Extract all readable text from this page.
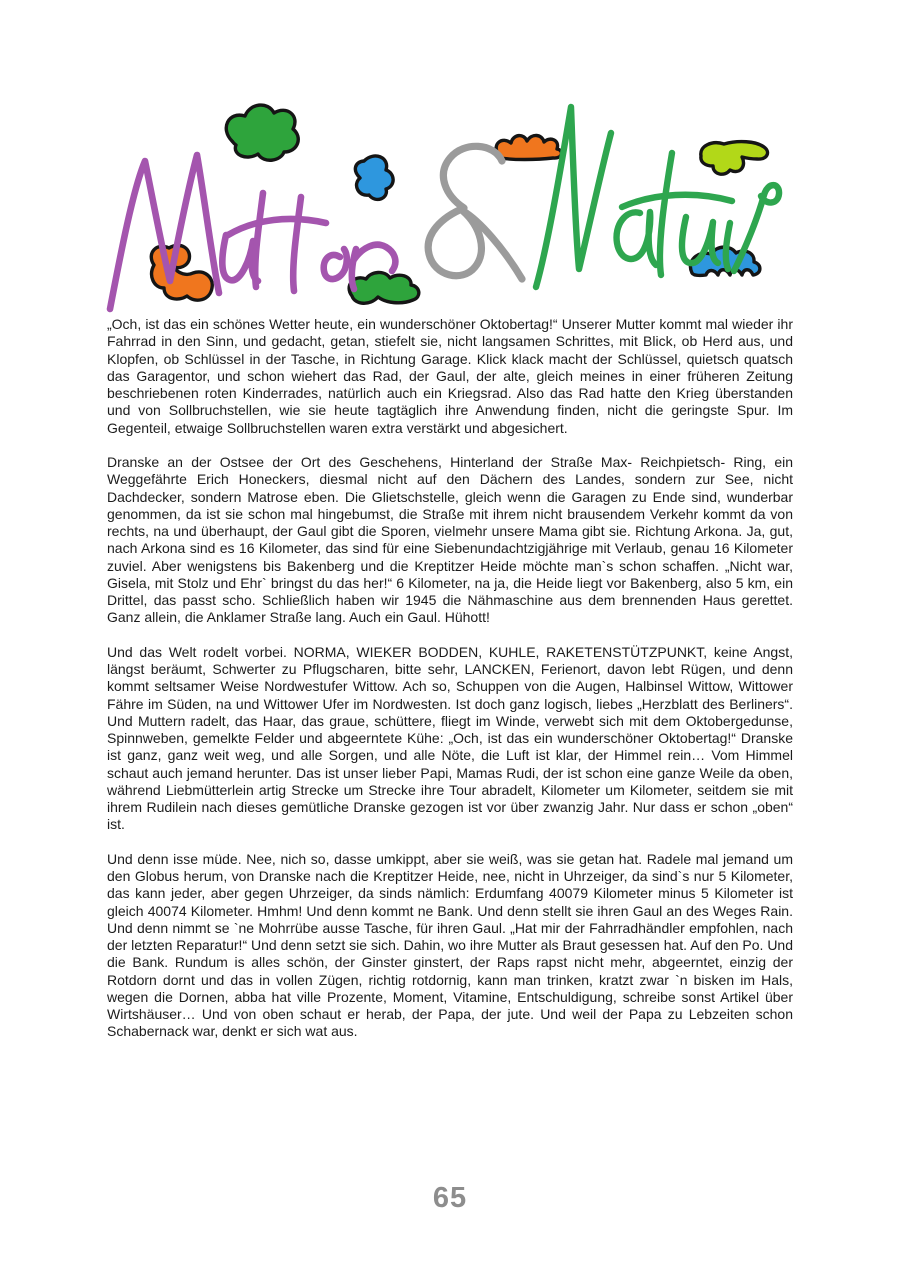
„Och, ist das ein schönes Wetter heute, ein wunderschöner Oktobertag!“ Unserer Mutter kommt mal wieder ihr Fahrrad in den Sinn, und gedacht, getan, stiefelt sie, nicht langsamen Schrittes, mit Blick, ob Herd aus, und Klopfen, ob Schlüssel in der Tasche, in Richtung Garage. Klick klack macht der Schlüssel, quietsch quatsch das Garagentor, und schon wiehert das Rad, der Gaul, der alte, gleich meines in einer früheren Zeitung beschriebenen roten Kinderrades, natürlich auch ein Kriegsrad. Also das Rad hatte den Krieg überstanden und von Sollbruchstellen, wie sie heute tagtäglich ihre Anwendung finden, nicht die geringste Spur. Im Gegenteil, etwaige Sollbruchstellen waren extra verstärkt und abgesichert.

Dranske an der Ostsee der Ort des Geschehens, Hinterland der Straße Max- Reichpietsch- Ring, ein Weggefährte Erich Honeckers, diesmal nicht auf den Dächern des Landes, sondern zur See, nicht Dachdecker, sondern Matrose eben. Die Glietschstelle, gleich wenn die Garagen zu Ende sind, wunderbar genommen, da ist sie schon mal hingebumst, die Straße mit ihrem nicht brausendem Verkehr kommt da von rechts, na und überhaupt, der Gaul gibt die Sporen, vielmehr unsere Mama gibt sie. Richtung Arkona. Ja, gut, nach Arkona sind es 16 Kilometer, das sind für eine Siebenundachtzigjährige mit Verlaub, genau 16 Kilometer zuviel. Aber wenigstens bis Bakenberg und die Kreptitzer Heide möchte man`s schon schaffen. „Nicht war, Gisela, mit Stolz und Ehr` bringst du das her!“ 6 Kilometer, na ja, die Heide liegt vor Bakenberg, also 5 km, ein Drittel, das passt scho. Schließlich haben wir 1945 die Nähmaschine aus dem brennenden Haus gerettet. Ganz allein, die Anklamer Straße lang. Auch ein Gaul. Hühott!

Und das Welt rodelt vorbei. NORMA, WIEKER BODDEN, KUHLE, RAKETENSTÜTZPUNKT, keine Angst, längst beräumt, Schwerter zu Pflugscharen, bitte sehr, LANCKEN, Ferienort, davon lebt Rügen, und denn kommt seltsamer Weise Nordwestufer Wittow. Ach so, Schuppen von die Augen, Halbinsel Wittow, Wittower Fähre im Süden, na und Wittower Ufer im Nordwesten. Ist doch ganz logisch, liebes „Herzblatt des Berliners“. Und Muttern radelt, das Haar, das graue, schüttere, fliegt im Winde, verwebt sich mit dem Oktobergedunse, Spinnweben, gemelkte Felder und abgeerntete Kühe: „Och, ist das ein wunderschöner Oktobertag!“ Dranske ist ganz, ganz weit weg, und alle Sorgen, und alle Nöte, die Luft ist klar, der Himmel rein… Vom Himmel schaut auch jemand herunter. Das ist unser lieber Papi, Mamas Rudi, der ist schon eine ganze Weile da oben, während Liebmütterlein artig Strecke um Strecke ihre Tour abradelt, Kilometer um Kilometer, seitdem sie mit ihrem Rudilein nach dieses gemütliche Dranske gezogen ist vor über zwanzig Jahr. Nur dass er schon „oben“ ist.

Und denn isse müde. Nee, nich so, dasse umkippt, aber sie weiß, was sie getan hat. Radele mal jemand um den Globus herum, von Dranske nach die Kreptitzer Heide, nee, nicht in Uhrzeiger, da sind`s nur 5 Kilometer, das kann jeder, aber gegen Uhrzeiger, da sinds nämlich: Erdumfang 40079 Kilometer minus 5 Kilometer ist gleich 40074 Kilometer. Hmhm! Und denn kommt ne Bank. Und denn stellt sie ihren Gaul an des Weges Rain. Und denn nimmt se `ne Mohrrübe ausse Tasche, für ihren Gaul. „Hat mir der Fahrradhändler empfohlen, nach der letzten Reparatur!“ Und denn setzt sie sich. Dahin, wo ihre Mutter als Braut gesessen hat. Auf den Po. Und die Bank. Rundum is alles schön, der Ginster ginstert, der Raps rapst nicht mehr, abgeerntet, einzig der Rotdorn dornt und das in vollen Zügen, richtig rotdornig, kann man trinken, kratzt zwar `n bisken im Hals, wegen die Dornen, abba hat ville Prozente, Moment, Vitamine, Entschuldigung, schreibe sonst Artikel über Wirtshäuser… Und von oben schaut er herab, der Papa, der jute. Und weil der Papa zu Lebzeiten schon Schabernack war, denkt er sich wat aus.

65
